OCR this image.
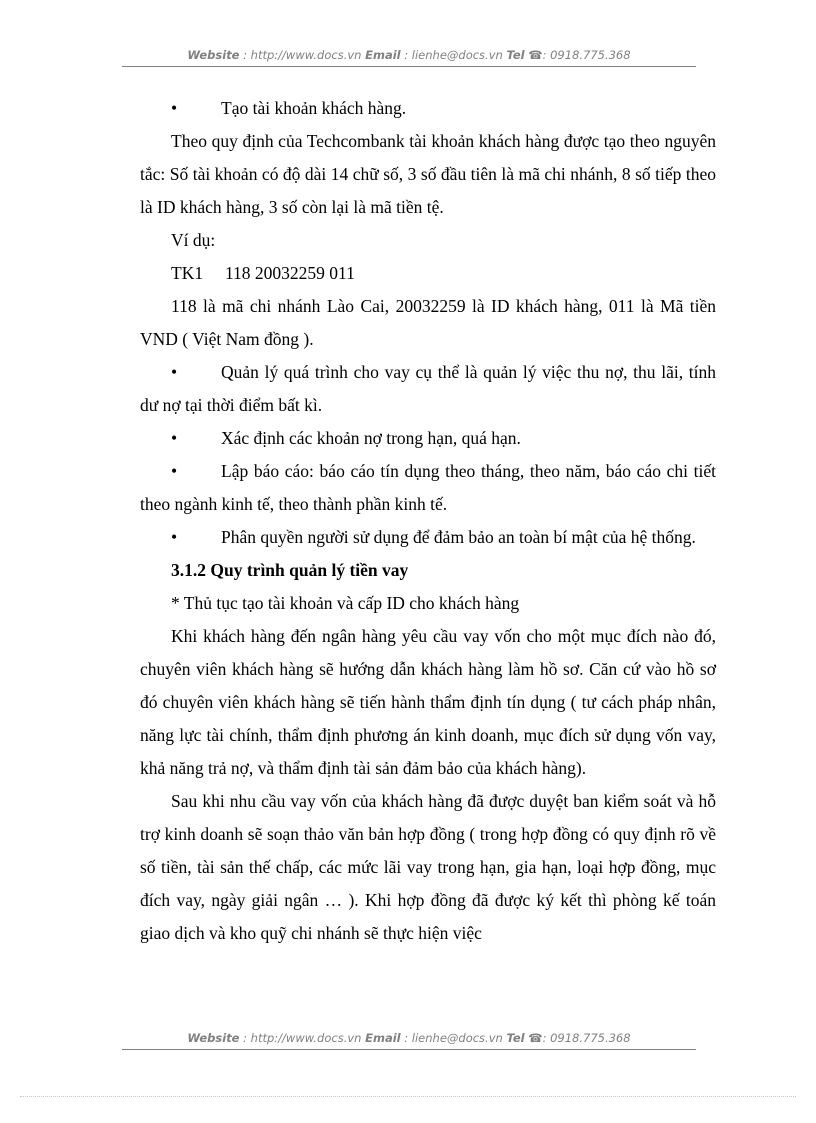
Website : http://www.docs.vn Email : lienhe@docs.vn Tel ☎: 0918.775.368

•	Tạo tài khoản khách hàng.

Theo quy định của Techcombank tài khoản khách hàng được tạo theo nguyên tắc: Số tài khoản có độ dài 14 chữ số, 3 số đầu tiên là mã chi nhánh, 8 số tiếp theo là ID khách hàng, 3 số còn lại là mã tiền tệ.

Ví dụ:

TK1     118 20032259 011

118 là mã chi nhánh Lào Cai, 20032259 là ID khách hàng, 011 là Mã tiền VND ( Việt Nam đồng ).

•	Quản lý quá trình cho vay cụ thể là quản lý việc thu nợ, thu lãi, tính dư nợ tại thời điểm bất kì.

•	Xác định các khoản nợ trong hạn, quá hạn.

•	Lập báo cáo: báo cáo tín dụng theo tháng, theo năm, báo cáo chi tiết theo ngành kinh tế, theo thành phần kinh tế.

•	Phân quyền người sử dụng để đảm bảo an toàn bí mật của hệ thống.

3.1.2 Quy trình quản lý tiền vay

* Thủ tục tạo tài khoản và cấp ID cho khách hàng

Khi khách hàng đến ngân hàng yêu cầu vay vốn cho một mục đích nào đó, chuyên viên khách hàng sẽ hướng dẫn khách hàng làm hồ sơ. Căn cứ vào hồ sơ đó chuyên viên khách hàng sẽ tiến hành thẩm định tín dụng ( tư cách pháp nhân, năng lực tài chính, thẩm định phương án kinh doanh, mục đích sử dụng vốn vay, khả năng trả nợ, và thẩm định tài sản đảm bảo của khách hàng).

Sau khi nhu cầu vay vốn của khách hàng đã được duyệt ban kiểm soát và hỗ trợ kinh doanh sẽ soạn thảo văn bản hợp đồng ( trong hợp đồng có quy định rõ về số tiền, tài sản thế chấp, các mức lãi vay trong hạn, gia hạn, loại hợp đồng, mục đích vay, ngày giải ngân … ). Khi hợp đồng đã được ký kết thì phòng kế toán giao dịch và kho quỹ chi nhánh sẽ thực hiện việc

Website : http://www.docs.vn Email : lienhe@docs.vn Tel ☎: 0918.775.368
